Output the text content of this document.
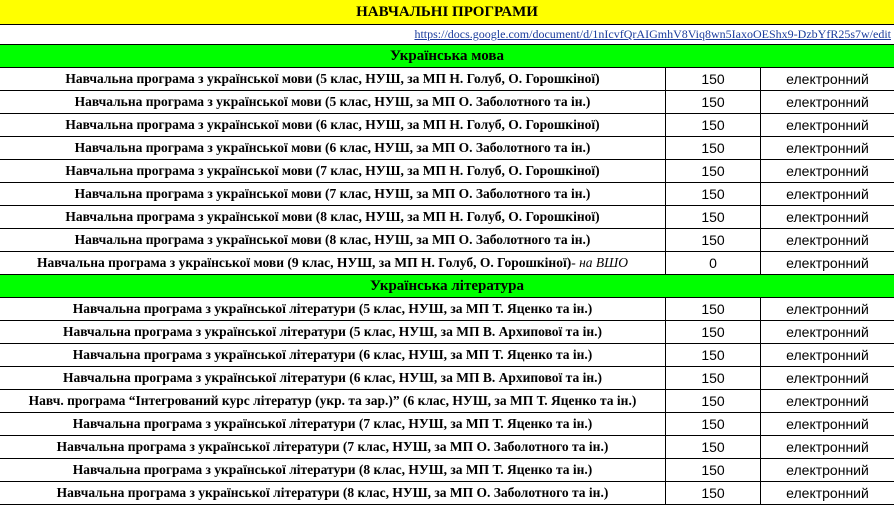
НАВЧАЛЬНІ ПРОГРАМИ
https://docs.google.com/document/d/1nIcvfQrAIGmhV8Viq8wn5IaxoOEShx9-DzbYfR25s7w/edit
Українська мова
Навчальна програма з української мови (5 клас, НУШ, за МП Н. Голуб, О. Горошкіної)	150	електронний
Навчальна програма з української мови (5 клас, НУШ, за МП О. Заболотного та ін.)	150	електронний
Навчальна програма з української мови (6 клас, НУШ, за МП Н. Голуб, О. Горошкіної)	150	електронний
Навчальна програма з української мови (6 клас, НУШ, за МП О. Заболотного та ін.)	150	електронний
Навчальна програма з української мови (7 клас, НУШ, за МП Н. Голуб, О. Горошкіної)	150	електронний
Навчальна програма з української мови (7 клас, НУШ, за МП О. Заболотного та ін.)	150	електронний
Навчальна програма з української мови (8 клас, НУШ, за МП Н. Голуб, О. Горошкіної)	150	електронний
Навчальна програма з української мови (8 клас, НУШ, за МП О. Заболотного та ін.)	150	електронний
Навчальна програма з української мови (9 клас, НУШ, за МП Н. Голуб, О. Горошкіної) - на ВШО	0	електронний
Українська література
Навчальна програма з української літератури (5 клас, НУШ, за МП Т. Яценко та ін.)	150	електронний
Навчальна програма з української літератури (5 клас, НУШ, за МП В. Архипової та ін.)	150	електронний
Навчальна програма з української літератури (6 клас, НУШ, за МП Т. Яценко та ін.)	150	електронний
Навчальна програма з української літератури (6 клас, НУШ, за МП В. Архипової та ін.)	150	електронний
Навч. програма “Інтегрований курс літератур (укр. та зар.)” (6 клас, НУШ, за МП Т. Яценко та ін.)	150	електронний
Навчальна програма з української літератури (7 клас, НУШ, за МП Т. Яценко та ін.)	150	електронний
Навчальна програма з української літератури (7 клас, НУШ, за МП О. Заболотного та ін.)	150	електронний
Навчальна програма з української літератури (8 клас, НУШ, за МП Т. Яценко та ін.)	150	електронний
Навчальна програма з української літератури (8 клас, НУШ, за МП О. Заболотного та ін.)	150	електронний
